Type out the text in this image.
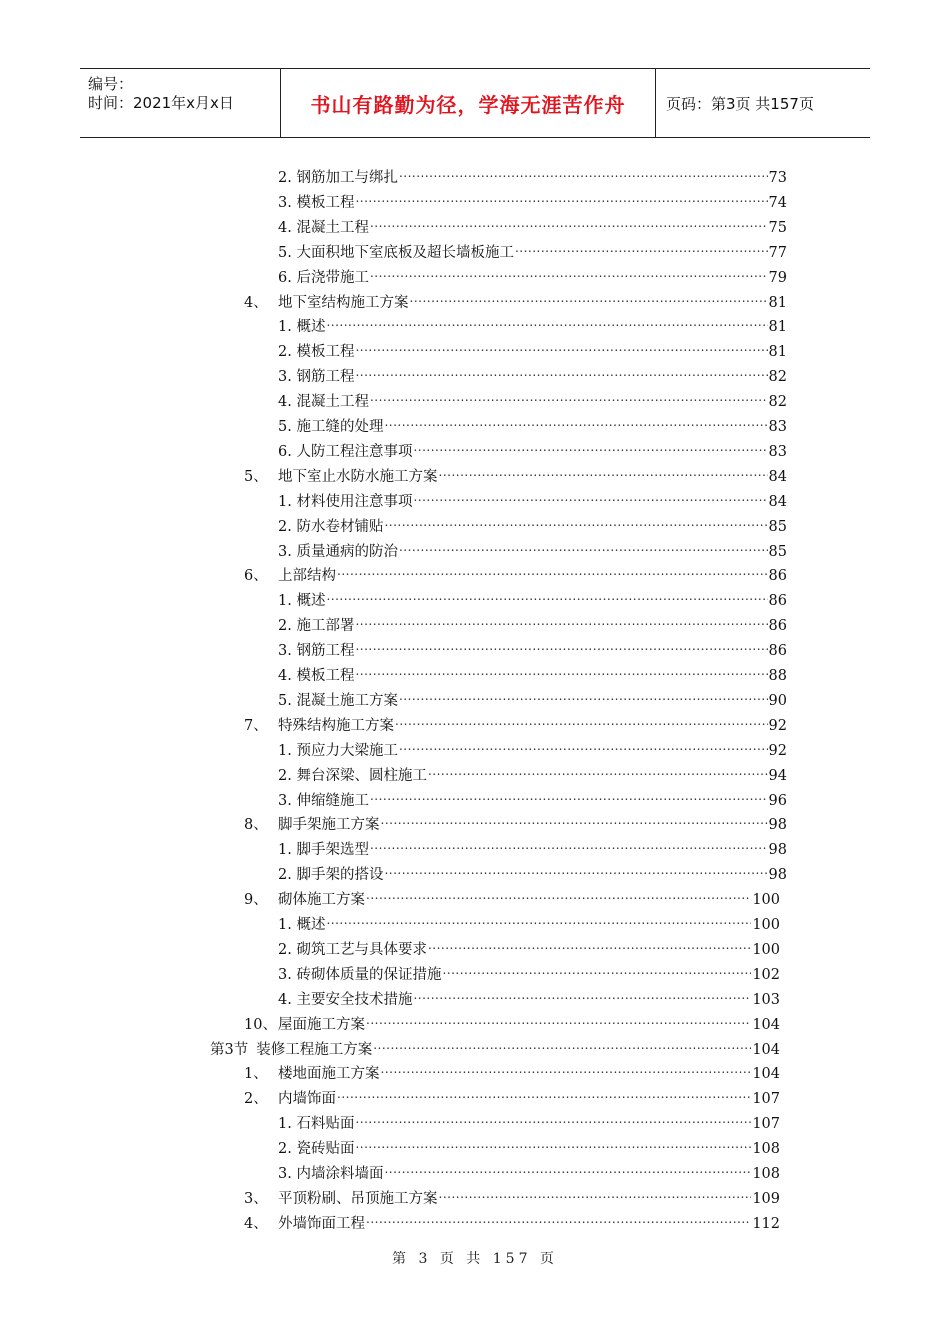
编号：
时间：2021年x月x日	书山有路勤为径，学海无涯苦作舟	页码：第3页 共157页
2. 钢筋加工与绑扎 .....	73
3. 模板工程 .....	74
4. 混凝土工程 .....	75
5. 大面积地下室底板及超长墙板施工 .....	77
6. 后浇带施工 .....	79
4、 地下室结构施工方案 .....	81
1. 概述 .....	81
2. 模板工程 .....	81
3. 钢筋工程 .....	82
4. 混凝土工程 .....	82
5. 施工缝的处理 .....	83
6. 人防工程注意事项 .....	83
5、 地下室止水防水施工方案 .....	84
1. 材料使用注意事项 .....	84
2. 防水卷材铺贴 .....	85
3. 质量通病的防治 .....	85
6、 上部结构 .....	86
1. 概述 .....	86
2. 施工部署 .....	86
3. 钢筋工程 .....	86
4. 模板工程 .....	88
5. 混凝土施工方案 .....	90
7、 特殊结构施工方案 .....	92
1. 预应力大梁施工 .....	92
2. 舞台深梁、圆柱施工 .....	94
3. 伸缩缝施工 .....	96
8、 脚手架施工方案 .....	98
1. 脚手架选型 .....	98
2. 脚手架的搭设 .....	98
9、 砌体施工方案 .....	100
1. 概述 .....	100
2. 砌筑工艺与具体要求 .....	100
3. 砖砌体质量的保证措施 .....	102
4. 主要安全技术措施 .....	103
10、 屋面施工方案 .....	104
第3节 装修工程施工方案 .....	104
1、 楼地面施工方案 .....	104
2、 内墙饰面 .....	107
1. 石料贴面 .....	107
2. 瓷砖贴面 .....	108
3. 内墙涂料墙面 .....	108
3、 平顶粉刷、吊顶施工方案 .....	109
4、 外墙饰面工程 .....	112
第 3 页 共 157 页
